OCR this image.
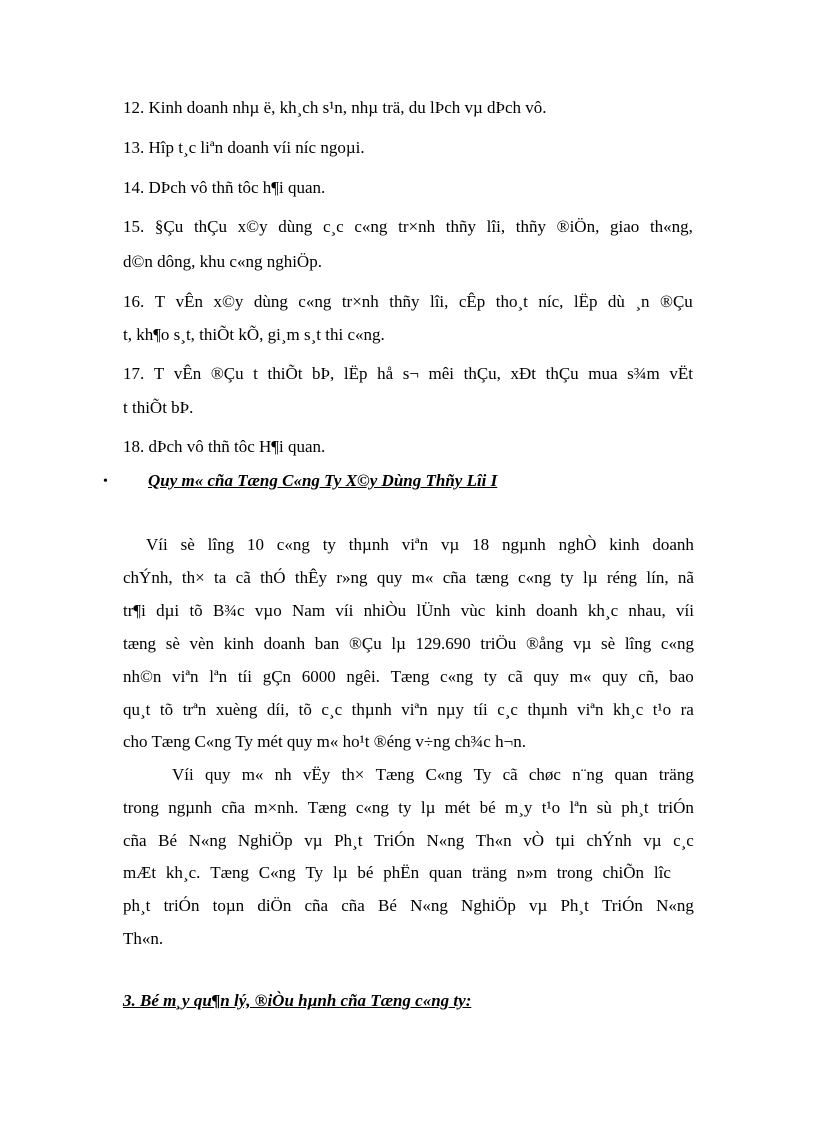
12. Kinh doanh nhµ ë, kh¸ch s¹n, nhµ trä, du lÞch vµ dÞch vô.
13. Hîp t¸c liªn doanh víi níc ngoµi.
14. DÞch vô thñ tôc h¶i quan.
15. §Çu thÇu x©y dùng c¸c c«ng tr×nh thñy lîi, thñy ®iÖn, giao th«ng,
d©n dông, khu c«ng nghiÖp.
16. T vÊn x©y dùng c«ng tr×nh thñy lîi, cÊp tho¸t níc, lËp dù ¸n ®Çu
t, kh¶o s¸t, thiÕt kÕ, gi¸m s¸t thi c«ng.
17. T vÊn ®Çu t thiÕt bÞ, lËp hå s¬ mêi thÇu, xÐt thÇu mua s¾m vËt
t thiÕt bÞ.
18. dÞch vô thñ tôc H¶i quan.
• Quy m« cña Tæng C«ng Ty X©y Dùng Thñy Lîi I
Víi sè lîng 10 c«ng ty thµnh viªn vµ 18 ngµnh nghÒ kinh doanh
chÝnh, th× ta cã thÓ thÊy r»ng quy m« cña tæng c«ng ty lµ réng lín, nã
tr¶i dµi tõ B¾c vµo Nam víi nhiÒu lÜnh vùc kinh doanh kh¸c nhau, víi
tæng sè vèn kinh doanh ban ®Çu lµ 129.690 triÖu ®ång vµ sè lîng c«ng
nh©n viªn lªn tíi gÇn 6000 ngêi. Tæng c«ng ty cã quy m« quy cñ, bao
qu¸t tõ trªn xuèng díi, tõ c¸c thµnh viªn nµy tíi c¸c thµnh viªn kh¸c t¹o ra
cho Tæng C«ng Ty mét quy m« ho¹t ®éng v÷ng ch¾c h¬n.
Víi quy m« nh vËy th× Tæng C«ng Ty cã chøc n¨ng quan träng
trong ngµnh cña m×nh. Tæng c«ng ty lµ mét bé m¸y t¹o lªn sù ph¸t triÓn
cña Bé N«ng NghiÖp vµ Ph¸t TriÓn N«ng Th«n vÒ tµi chÝnh vµ c¸c
mÆt kh¸c. Tæng C«ng Ty lµ bé phËn quan träng n»m trong chiÕn lîc
ph¸t triÓn toµn diÖn cña cña Bé N«ng NghiÖp vµ Ph¸t TriÓn N«ng
Th«n.
3. Bé m¸y qu¶n lý, ®iÒu hµnh cña Tæng c«ng ty:
